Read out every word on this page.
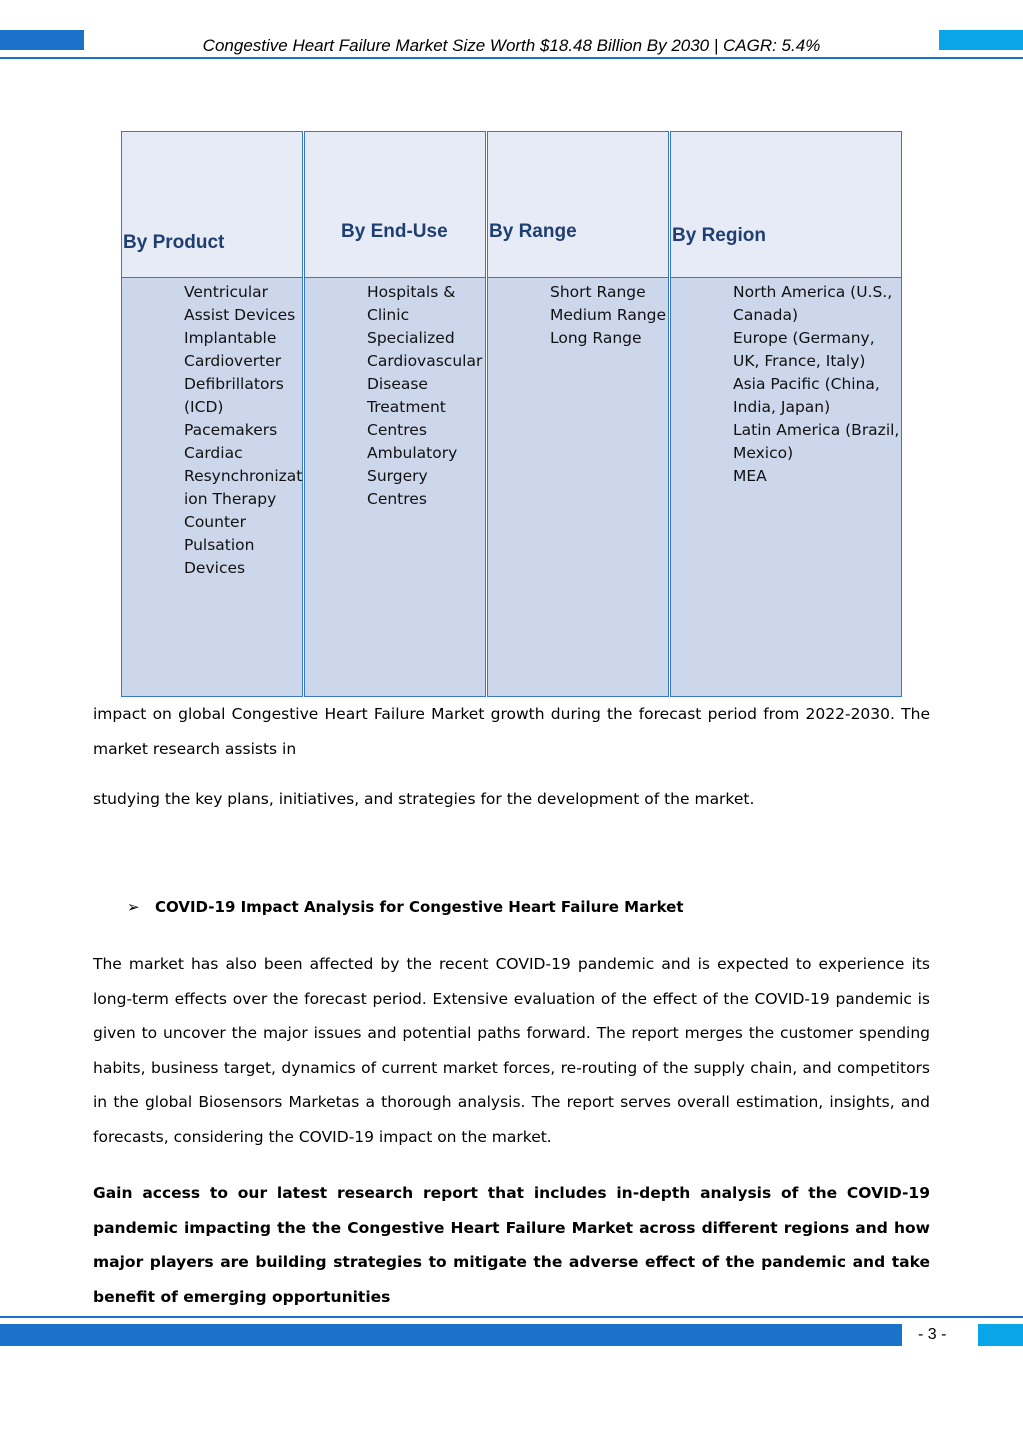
Congestive Heart Failure Market Size Worth $18.48 Billion By 2030 | CAGR: 5.4%
By Product
Ventricular Assist Devices
Implantable Cardioverter Defibrillators (ICD)
Pacemakers
Cardiac Resynchronizat ion Therapy
Counter Pulsation Devices
By End-Use
Hospitals & Clinic
Specialized Cardiovascular Disease Treatment Centres
Ambulatory Surgery Centres
By Range
Short Range
Medium Range
Long Range
By Region
North America (U.S., Canada)
Europe (Germany, UK, France, Italy)
Asia Pacific (China, India, Japan)
Latin America (Brazil, Mexico)
MEA
impact on global Congestive Heart Failure Market growth during the forecast period from 2022-2030. The market research assists in
studying the key plans, initiatives, and strategies for the development of the market.
➢ COVID-19 Impact Analysis for Congestive Heart Failure Market
The market has also been affected by the recent COVID-19 pandemic and is expected to experience its long-term effects over the forecast period. Extensive evaluation of the effect of the COVID-19 pandemic is given to uncover the major issues and potential paths forward. The report merges the customer spending habits, business target, dynamics of current market forces, re-routing of the supply chain, and competitors in the global Biosensors Marketas a thorough analysis. The report serves overall estimation, insights, and forecasts, considering the COVID-19 impact on the market.
Gain access to our latest research report that includes in-depth analysis of the COVID-19 pandemic impacting the the Congestive Heart Failure Market across different regions and how major players are building strategies to mitigate the adverse effect of the pandemic and take benefit of emerging opportunities
- 3 -
